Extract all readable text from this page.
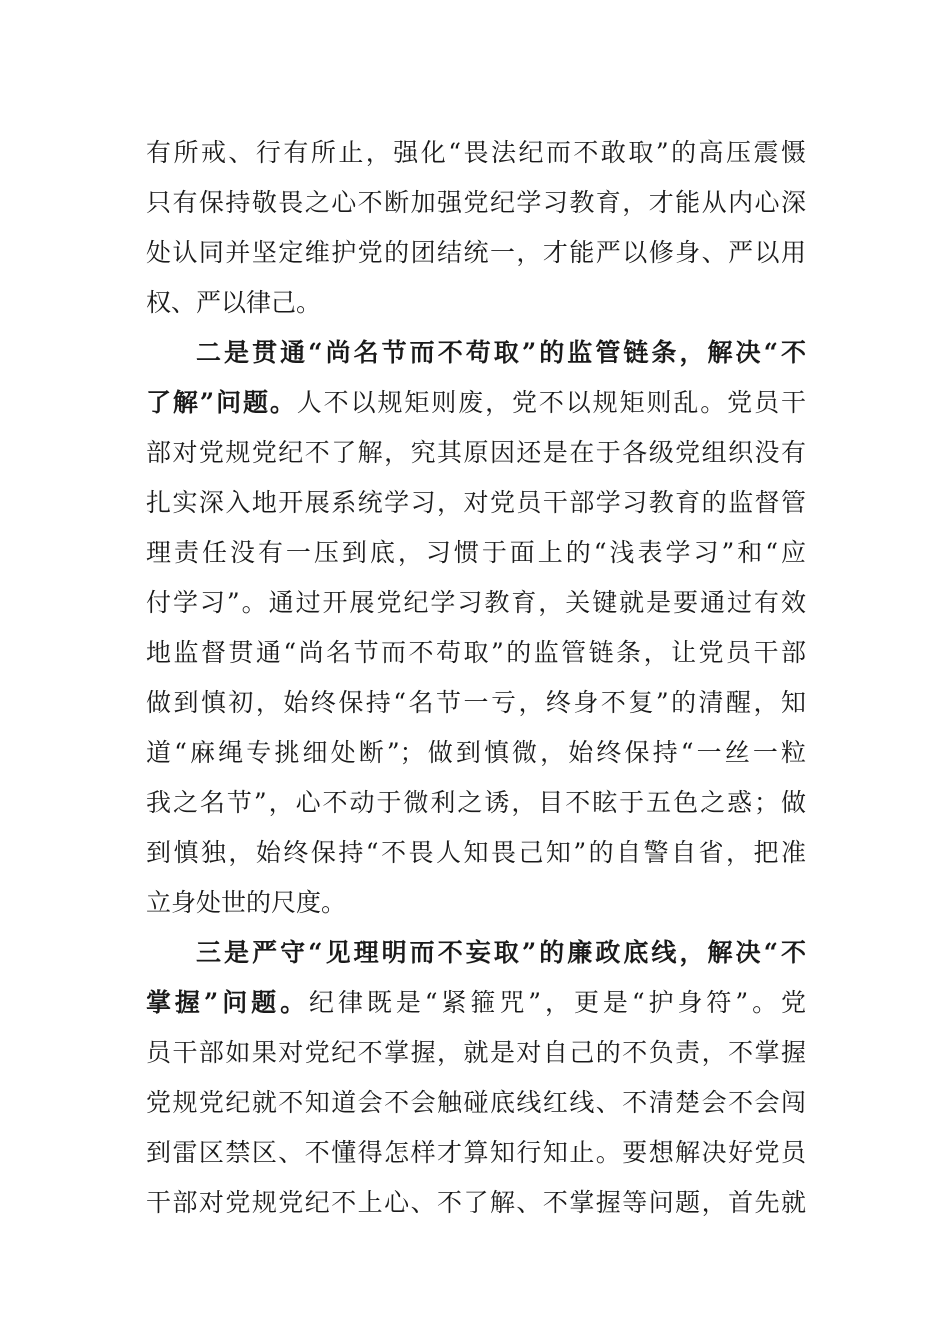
有所戒、行有所止，强化“畏法纪而不敢取”的高压震慑
只有保持敬畏之心不断加强党纪学习教育，才能从内心深
处认同并坚定维护党的团结统一，才能严以修身、严以用
权、严以律己。
二是贯通“尚名节而不苟取”的监管链条，解决“不
了解”问题。人不以规矩则废，党不以规矩则乱。党员干
部对党规党纪不了解，究其原因还是在于各级党组织没有
扎实深入地开展系统学习，对党员干部学习教育的监督管
理责任没有一压到底，习惯于面上的“浅表学习”和“应
付学习”。通过开展党纪学习教育，关键就是要通过有效
地监督贯通“尚名节而不苟取”的监管链条，让党员干部
做到慎初，始终保持“名节一亏，终身不复”的清醒，知
道“麻绳专挑细处断”；做到慎微，始终保持“一丝一粒
我之名节”，心不动于微利之诱，目不眩于五色之惑；做
到慎独，始终保持“不畏人知畏己知”的自警自省，把准
立身处世的尺度。
三是严守“见理明而不妄取”的廉政底线，解决“不
掌握”问题。纪律既是“紧箍咒”，更是“护身符”。党
员干部如果对党纪不掌握，就是对自己的不负责，不掌握
党规党纪就不知道会不会触碰底线红线、不清楚会不会闯
到雷区禁区、不懂得怎样才算知行知止。要想解决好党员
干部对党规党纪不上心、不了解、不掌握等问题，首先就
